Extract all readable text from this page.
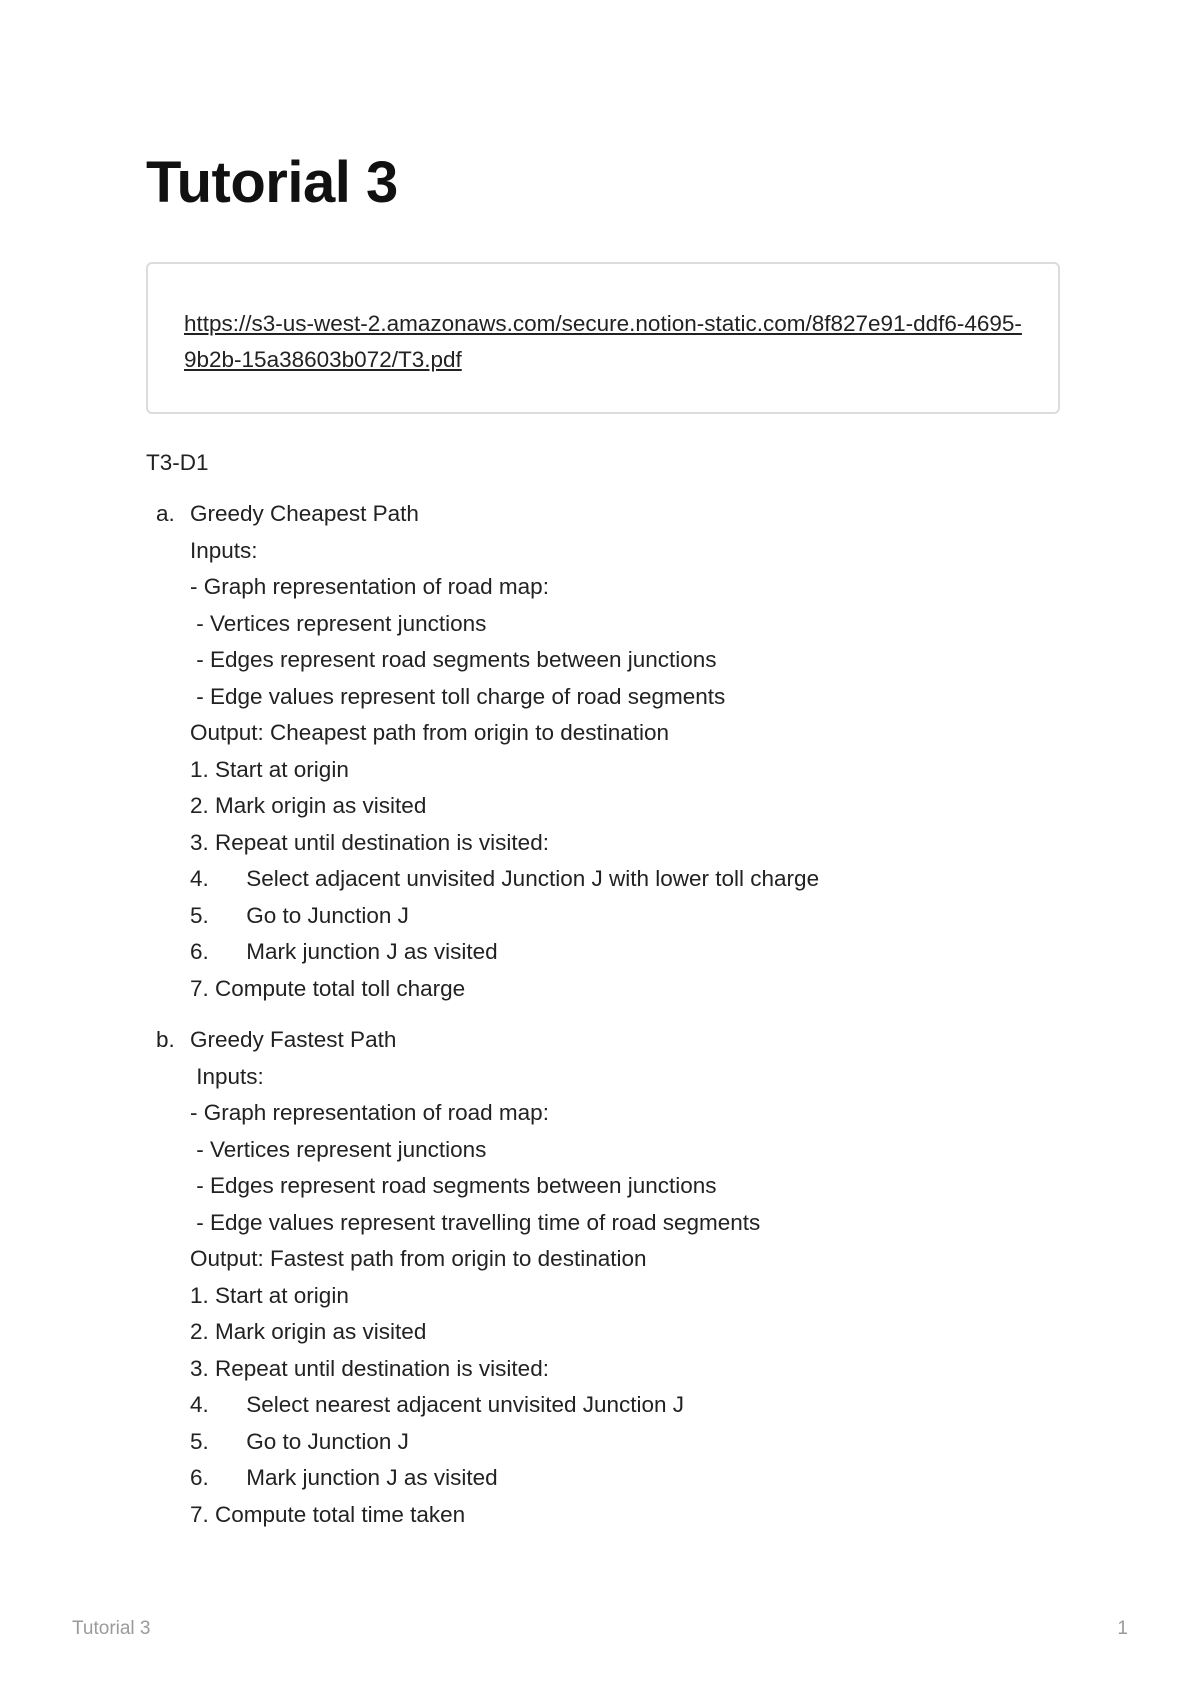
Tutorial 3
https://s3-us-west-2.amazonaws.com/secure.notion-static.com/8f827e91-ddf6-4695-9b2b-15a38603b072/T3.pdf
T3-D1
a. Greedy Cheapest Path
Inputs:
- Graph representation of road map:
- Vertices represent junctions
- Edges represent road segments between junctions
- Edge values represent toll charge of road segments
Output: Cheapest path from origin to destination
1. Start at origin
2. Mark origin as visited
3. Repeat until destination is visited:
4.      Select adjacent unvisited Junction J with lower toll charge
5.      Go to Junction J
6.      Mark junction J as visited
7. Compute total toll charge
b. Greedy Fastest Path
Inputs:
- Graph representation of road map:
- Vertices represent junctions
- Edges represent road segments between junctions
- Edge values represent travelling time of road segments
Output: Fastest path from origin to destination
1. Start at origin
2. Mark origin as visited
3. Repeat until destination is visited:
4.      Select nearest adjacent unvisited Junction J
5.      Go to Junction J
6.      Mark junction J as visited
7. Compute total time taken
Tutorial 3	1
